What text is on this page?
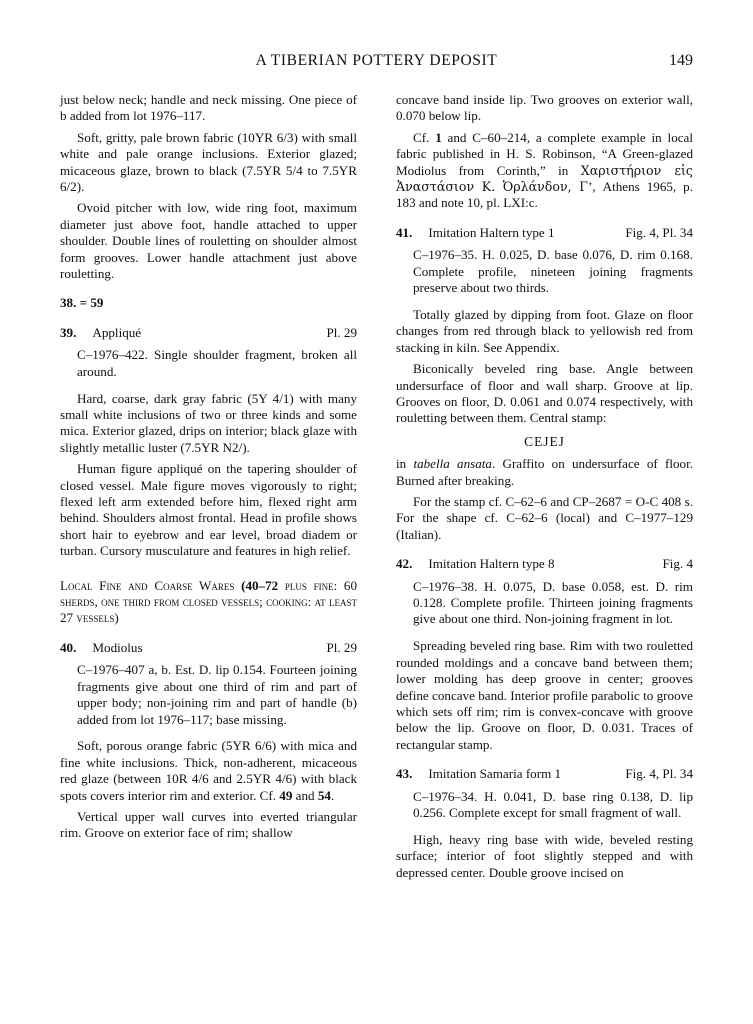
A TIBERIAN POTTERY DEPOSIT	149

just below neck; handle and neck missing. One piece of b added from lot 1976–117.

Soft, gritty, pale brown fabric (10YR 6/3) with small white and pale orange inclusions. Exterior glazed; micaceous glaze, brown to black (7.5YR 5/4 to 7.5YR 6/2).

Ovoid pitcher with low, wide ring foot, maximum diameter just above foot, handle attached to upper shoulder. Double lines of rouletting on shoulder almost form grooves. Lower handle attachment just above rouletting.

38. = 59

39. Appliqué	Pl. 29

C–1976–422. Single shoulder fragment, broken all around.

Hard, coarse, dark gray fabric (5Y 4/1) with many small white inclusions of two or three kinds and some mica. Exterior glazed, drips on interior; black glaze with slightly metallic luster (7.5YR N2/).

Human figure appliqué on the tapering shoulder of closed vessel. Male figure moves vigorously to right; flexed left arm extended before him, flexed right arm behind. Shoulders almost frontal. Head in profile shows short hair to eyebrow and ear level, broad diadem or turban. Cursory musculature and features in high relief.

Local Fine and Coarse Wares (40–72 plus fine: 60 sherds, one third from closed vessels; cooking: at least 27 vessels)

40. Modiolus	Pl. 29

C–1976–407 a, b. Est. D. lip 0.154. Fourteen joining fragments give about one third of rim and part of upper body; non-joining rim and part of handle (b) added from lot 1976–117; base missing.

Soft, porous orange fabric (5YR 6/6) with mica and fine white inclusions. Thick, non-adherent, micaceous red glaze (between 10R 4/6 and 2.5YR 4/6) with black spots covers interior rim and exterior. Cf. 49 and 54.

Vertical upper wall curves into everted triangular rim. Groove on exterior face of rim; shallow

concave band inside lip. Two grooves on exterior wall, 0.070 below lip.

Cf. 1 and C–60–214, a complete example in local fabric published in H. S. Robinson, “A Green-glazed Modiolus from Corinth,” in Χαριστήριον εἰς Ἀναστάσιον Κ. Ὀρλάνδον, Γ’, Athens 1965, p. 183 and note 10, pl. LXI:c.

41. Imitation Haltern type 1	Fig. 4, Pl. 34

C–1976–35. H. 0.025, D. base 0.076, D. rim 0.168. Complete profile, nineteen joining fragments preserve about two thirds.

Totally glazed by dipping from foot. Glaze on floor changes from red through black to yellowish red from stacking in kiln. See Appendix.

Biconically beveled ring base. Angle between undersurface of floor and wall sharp. Groove at lip. Grooves on floor, D. 0.061 and 0.074 respectively, with rouletting between them. Central stamp:

CEJEJ

in tabella ansata. Graffito on undersurface of floor. Burned after breaking.

For the stamp cf. C–62–6 and CP–2687 = O-C 408 s. For the shape cf. C–62–6 (local) and C–1977–129 (Italian).

42. Imitation Haltern type 8	Fig. 4

C–1976–38. H. 0.075, D. base 0.058, est. D. rim 0.128. Complete profile. Thirteen joining fragments give about one third. Non-joining fragment in lot.

Spreading beveled ring base. Rim with two rouletted rounded moldings and a concave band between them; lower molding has deep groove in center; grooves define concave band. Interior profile parabolic to groove which sets off rim; rim is convex-concave with groove below the lip. Groove on floor, D. 0.031. Traces of rectangular stamp.

43. Imitation Samaria form 1	Fig. 4, Pl. 34

C–1976–34. H. 0.041, D. base ring 0.138, D. lip 0.256. Complete except for small fragment of wall.

High, heavy ring base with wide, beveled resting surface; interior of foot slightly stepped and with depressed center. Double groove incised on
